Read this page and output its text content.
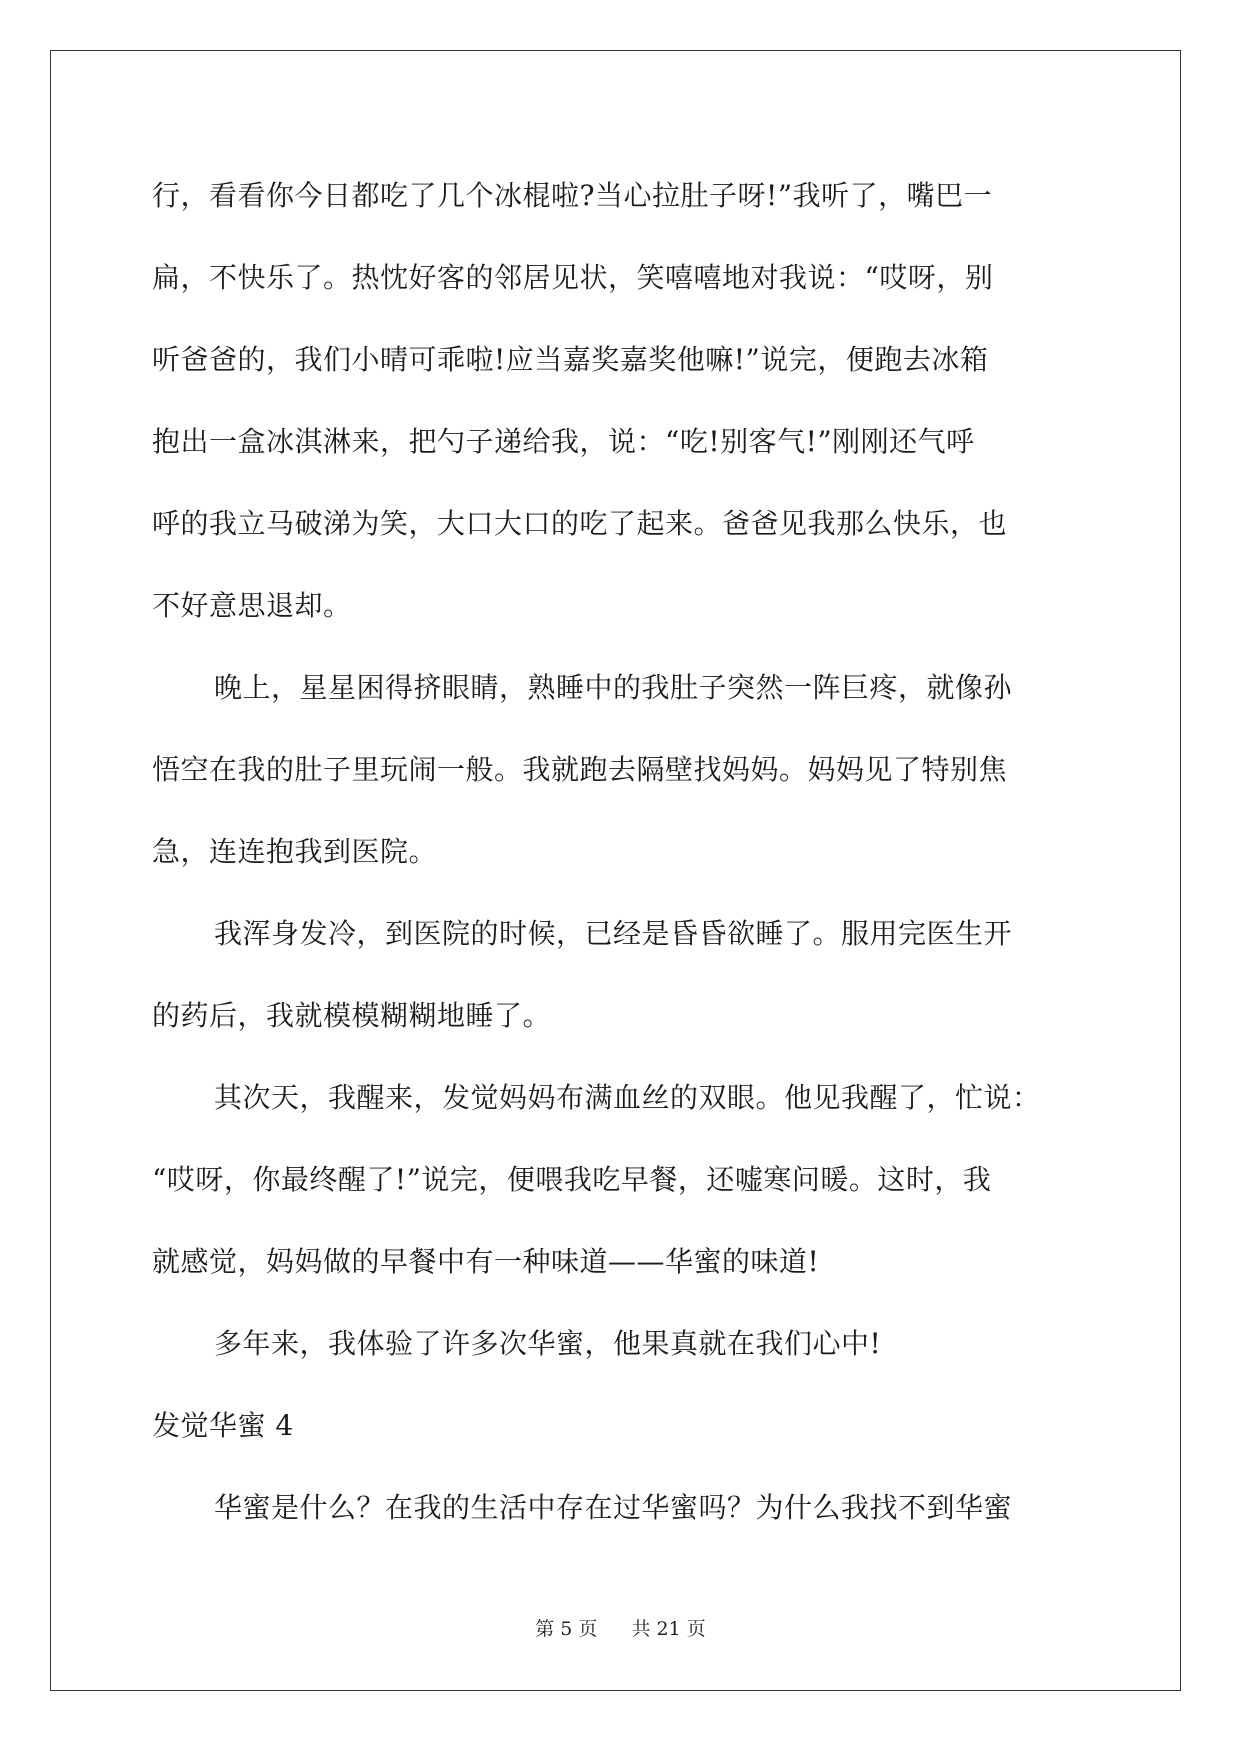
行，看看你今日都吃了几个冰棍啦?当心拉肚子呀!”我听了，嘴巴一
扁，不快乐了。热忱好客的邻居见状，笑嘻嘻地对我说：“哎呀，别
听爸爸的，我们小晴可乖啦!应当嘉奖嘉奖他嘛!”说完，便跑去冰箱
抱出一盒冰淇淋来，把勺子递给我，说：“吃!别客气!”刚刚还气呼
呼的我立马破涕为笑，大口大口的吃了起来。爸爸见我那么快乐，也
不好意思退却。
晚上，星星困得挤眼睛，熟睡中的我肚子突然一阵巨疼，就像孙
悟空在我的肚子里玩闹一般。我就跑去隔壁找妈妈。妈妈见了特别焦
急，连连抱我到医院。
我浑身发冷，到医院的时候，已经是昏昏欲睡了。服用完医生开
的药后，我就模模糊糊地睡了。
其次天，我醒来，发觉妈妈布满血丝的双眼。他见我醒了，忙说：
“哎呀，你最终醒了!”说完，便喂我吃早餐，还嘘寒问暖。这时，我
就感觉，妈妈做的早餐中有一种味道——华蜜的味道!
多年来，我体验了许多次华蜜，他果真就在我们心中!
发觉华蜜 4
华蜜是什么？在我的生活中存在过华蜜吗？为什么我找不到华蜜
第 5 页 共 21 页
